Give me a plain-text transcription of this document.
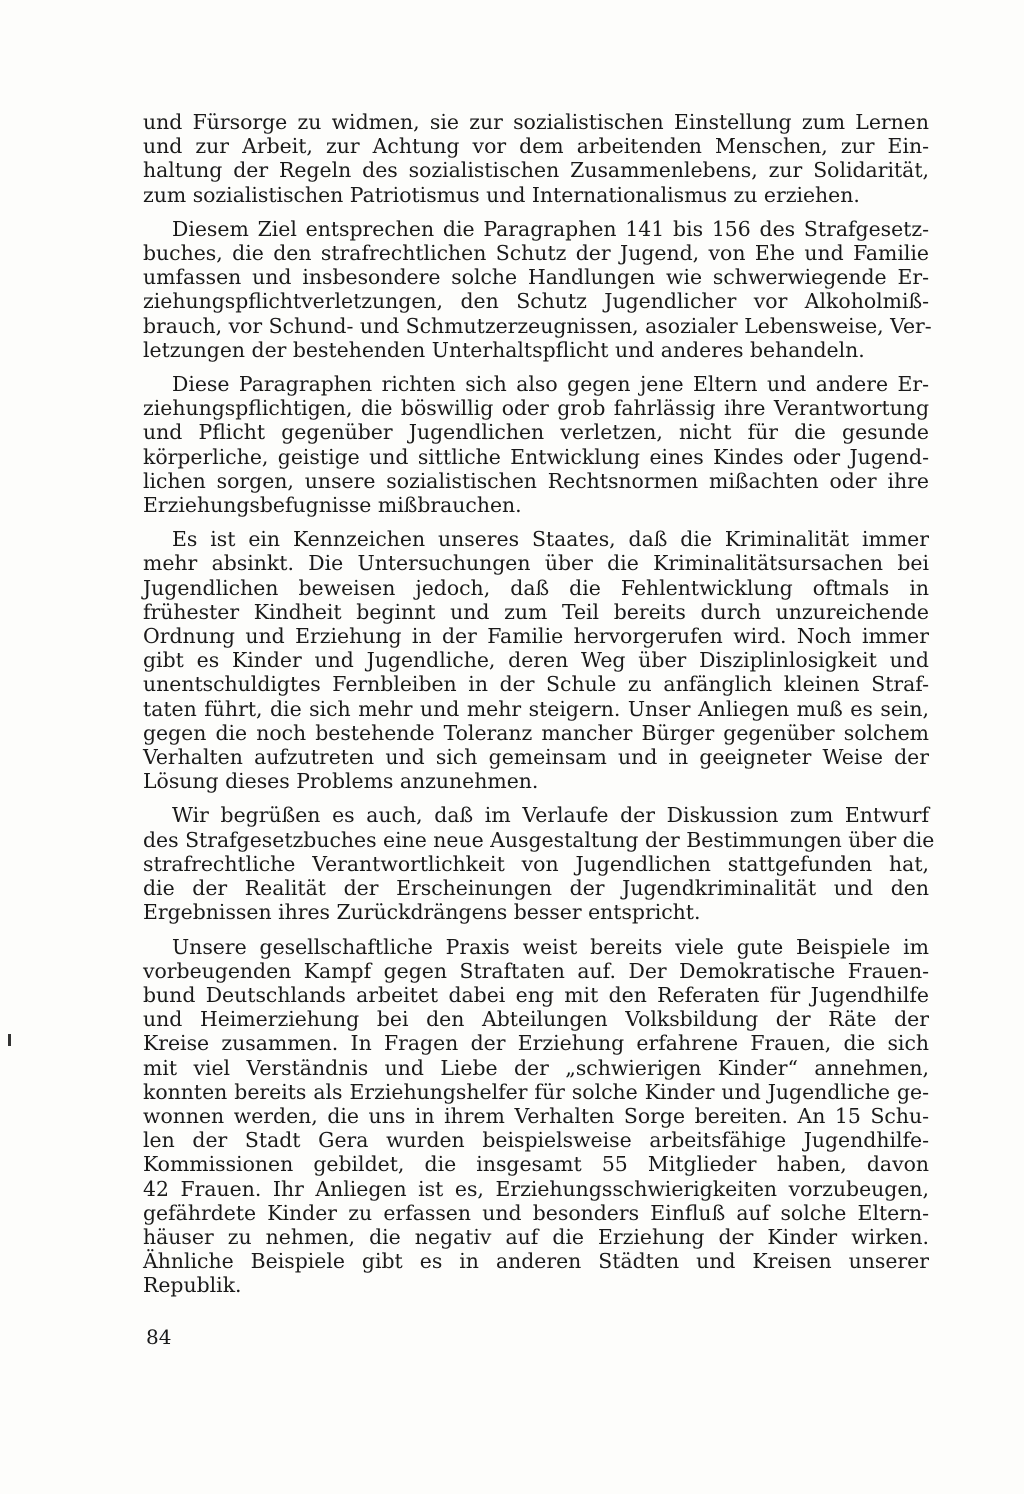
und Fürsorge zu widmen, sie zur sozialistischen Einstellung zum Lernen
und zur Arbeit, zur Achtung vor dem arbeitenden Menschen, zur Ein-
haltung der Regeln des sozialistischen Zusammenlebens, zur Solidarität,
zum sozialistischen Patriotismus und Internationalismus zu erziehen.
Diesem Ziel entsprechen die Paragraphen 141 bis 156 des Strafgesetz-
buches, die den strafrechtlichen Schutz der Jugend, von Ehe und Familie
umfassen und insbesondere solche Handlungen wie schwerwiegende Er-
ziehungspflichtverletzungen, den Schutz Jugendlicher vor Alkoholmiß-
brauch, vor Schund- und Schmutzerzeugnissen, asozialer Lebensweise, Ver-
letzungen der bestehenden Unterhaltspflicht und anderes behandeln.
Diese Paragraphen richten sich also gegen jene Eltern und andere Er-
ziehungspflichtigen, die böswillig oder grob fahrlässig ihre Verantwortung
und Pflicht gegenüber Jugendlichen verletzen, nicht für die gesunde
körperliche, geistige und sittliche Entwicklung eines Kindes oder Jugend-
lichen sorgen, unsere sozialistischen Rechtsnormen mißachten oder ihre
Erziehungsbefugnisse mißbrauchen.
Es ist ein Kennzeichen unseres Staates, daß die Kriminalität immer
mehr absinkt. Die Untersuchungen über die Kriminalitätsursachen bei
Jugendlichen beweisen jedoch, daß die Fehlentwicklung oftmals in
frühester Kindheit beginnt und zum Teil bereits durch unzureichende
Ordnung und Erziehung in der Familie hervorgerufen wird. Noch immer
gibt es Kinder und Jugendliche, deren Weg über Disziplinlosigkeit und
unentschuldigtes Fernbleiben in der Schule zu anfänglich kleinen Straf-
taten führt, die sich mehr und mehr steigern. Unser Anliegen muß es sein,
gegen die noch bestehende Toleranz mancher Bürger gegenüber solchem
Verhalten aufzutreten und sich gemeinsam und in geeigneter Weise der
Lösung dieses Problems anzunehmen.
Wir begrüßen es auch, daß im Verlaufe der Diskussion zum Entwurf
des Strafgesetzbuches eine neue Ausgestaltung der Bestimmungen über die
strafrechtliche Verantwortlichkeit von Jugendlichen stattgefunden hat,
die der Realität der Erscheinungen der Jugendkriminalität und den
Ergebnissen ihres Zurückdrängens besser entspricht.
Unsere gesellschaftliche Praxis weist bereits viele gute Beispiele im
vorbeugenden Kampf gegen Straftaten auf. Der Demokratische Frauen-
bund Deutschlands arbeitet dabei eng mit den Referaten für Jugendhilfe
und Heimerziehung bei den Abteilungen Volksbildung der Räte der
Kreise zusammen. In Fragen der Erziehung erfahrene Frauen, die sich
mit viel Verständnis und Liebe der „schwierigen Kinder“ annehmen,
konnten bereits als Erziehungshelfer für solche Kinder und Jugendliche ge-
wonnen werden, die uns in ihrem Verhalten Sorge bereiten. An 15 Schu-
len der Stadt Gera wurden beispielsweise arbeitsfähige Jugendhilfe-
Kommissionen gebildet, die insgesamt 55 Mitglieder haben, davon
42 Frauen. Ihr Anliegen ist es, Erziehungsschwierigkeiten vorzubeugen,
gefährdete Kinder zu erfassen und besonders Einfluß auf solche Eltern-
häuser zu nehmen, die negativ auf die Erziehung der Kinder wirken.
Ähnliche Beispiele gibt es in anderen Städten und Kreisen unserer
Republik.
84
